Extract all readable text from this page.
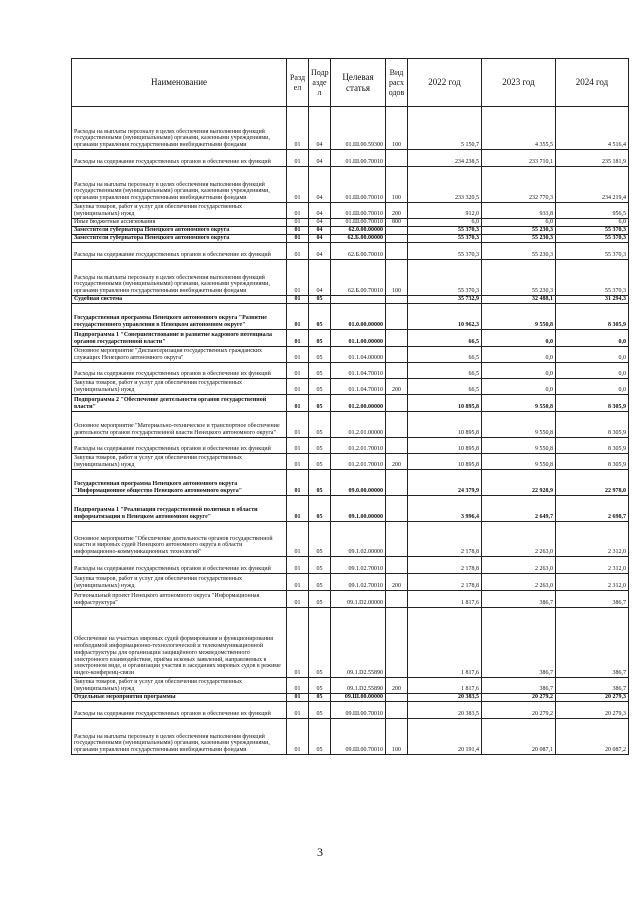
Наименование	Разд ел	Подр азде л	Целевая статья	Вид расх одов	2022 год	2023 год	2024 год
Расходы на выплаты персоналу в целях обеспечения выполнения функций государственными (муниципальными) органами, казенными учреждениями, органами управления государственными внебюджетными фондами	01	04	01.Ш.00.59300	100	5 150,7	4 355,5	4 516,4
Расходы на содержание государственных органов и обеспечение их функций	01	04	01.Ш.00.70010		234 238,5	233 710,1	235 181,9
Расходы на выплаты персоналу в целях обеспечения выполнения функций государственными (муниципальными) органами, казенными учреждениями, органами управления государственными внебюджетными фондами	01	04	01.Ш.00.70010	100	233 320,5	232 770,3	234 219,4
Закупка товаров, работ и услуг для обеспечения государственных (муниципальных) нужд	01	04	01.Ш.00.70010	200	912,0	933,8	956,5
Иные бюджетные ассигнования	01	04	01.Ш.00.70010	800	6,0	6,0	6,0
Заместители губернатора Ненецкого автономного округа	01	04	62.0.00.00000		55 370,3	55 230,3	55 370,3
Заместители губернатора Ненецкого автономного округа	01	04	62.Б.00.00000		55 370,3	55 230,3	55 370,3
Расходы на содержание государственных органов и обеспечение их функций	01	04	62.Б.00.70010		55 370,3	55 230,3	55 370,3
Расходы на выплаты персоналу в целях обеспечения выполнения функций государственными (муниципальными) органами, казенными учреждениями, органами управления государственными внебюджетными фондами	01	04	62.Б.00.70010	100	55 370,3	55 230,3	55 370,3
Судебная система	01	05			35 732,9	32 488,1	31 294,3
Государственная программа Ненецкого автономного округа "Развитие государственного управления в Ненецком автономном округе"	01	05	01.0.00.00000		10 962,3	9 550,8	8 305,9
Подпрограмма 1 "Совершенствование и развитие кадрового потенциала органов государственной власти"	01	05	01.1.00.00000		66,5	0,0	0,0
Основное мероприятие "Диспансеризация государственных гражданских служащих Ненецкого автономного округа"	01	05	01.1.04.00000		66,5	0,0	0,0
Расходы на содержание государственных органов и обеспечение их функций	01	05	01.1.04.70010		66,5	0,0	0,0
Закупка товаров, работ и услуг для обеспечения государственных (муниципальных) нужд	01	05	01.1.04.70010	200	66,5	0,0	0,0
Подпрограмма 2 "Обеспечение деятельности органов государственной власти"	01	05	01.2.00.00000		10 895,8	9 550,8	8 305,9
Основное мероприятие "Материально-техническое и транспортное обеспечение деятельности органов государственной власти Ненецкого автономного округа"	01	05	01.2.01.00000		10 895,8	9 550,8	8 305,9
Расходы на содержание государственных органов и обеспечение их функций	01	05	01.2.01.70010		10 895,8	9 550,8	8 305,9
Закупка товаров, работ и услуг для обеспечения государственных (муниципальных) нужд	01	05	01.2.01.70010	200	10 895,8	9 550,8	8 305,9
Государственная программа Ненецкого автономного округа "Информационное общество Ненецкого автономного округа"	01	05	09.0.00.00000		24 379,9	22 928,9	22 978,0
Подпрограмма 1 "Реализация государственной политики в области информатизации в Ненецком автономном округе"	01	05	09.1.00.00000		3 996,4	2 649,7	2 698,7
Основное мероприятие "Обеспечение деятельности органов государственной власти и мировых судей Ненецкого автономного округа в области информационно-коммуникационных технологий"	01	05	09.1.02.00000		2 178,8	2 263,0	2 312,0
Расходы на содержание государственных органов и обеспечение их функций	01	05	09.1.02.70010		2 178,8	2 263,0	2 312,0
Закупка товаров, работ и услуг для обеспечения государственных (муниципальных) нужд	01	05	09.1.02.70010	200	2 178,8	2 263,0	2 312,0
Региональный проект Ненецкого автономного округа "Информационная инфраструктура"	01	05	09.1.D2.00000		1 817,6	386,7	386,7
Обеспечение на участках мировых судей формирования и функционирования необходимой информационно-технологической и телекоммуникационной инфраструктуры для организации защищённого межведомственного электронного взаимодействия, приёма исковых заявлений, направляемых в электронном виде, и организации участия в заседаниях мировых судов в режиме видео-конференц-связи	01	05	09.1.D2.55890		1 817,6	386,7	386,7
Закупка товаров, работ и услуг для обеспечения государственных (муниципальных) нужд	01	05	09.1.D2.55890	200	1 817,6	386,7	386,7
Отдельные мероприятия программы	01	05	09.Ш.00.00000		20 383,5	20 279,2	20 279,3
Расходы на содержание государственных органов и обеспечение их функций	01	05	09.Ш.00.70010		20 383,5	20 279,2	20 279,3
Расходы на выплаты персоналу в целях обеспечения выполнения функций государственными (муниципальными) органами, казенными учреждениями, органами управления государственными внебюджетными фондами	01	05	09.Ш.00.70010	100	20 191,4	20 087,1	20 087,2
3
